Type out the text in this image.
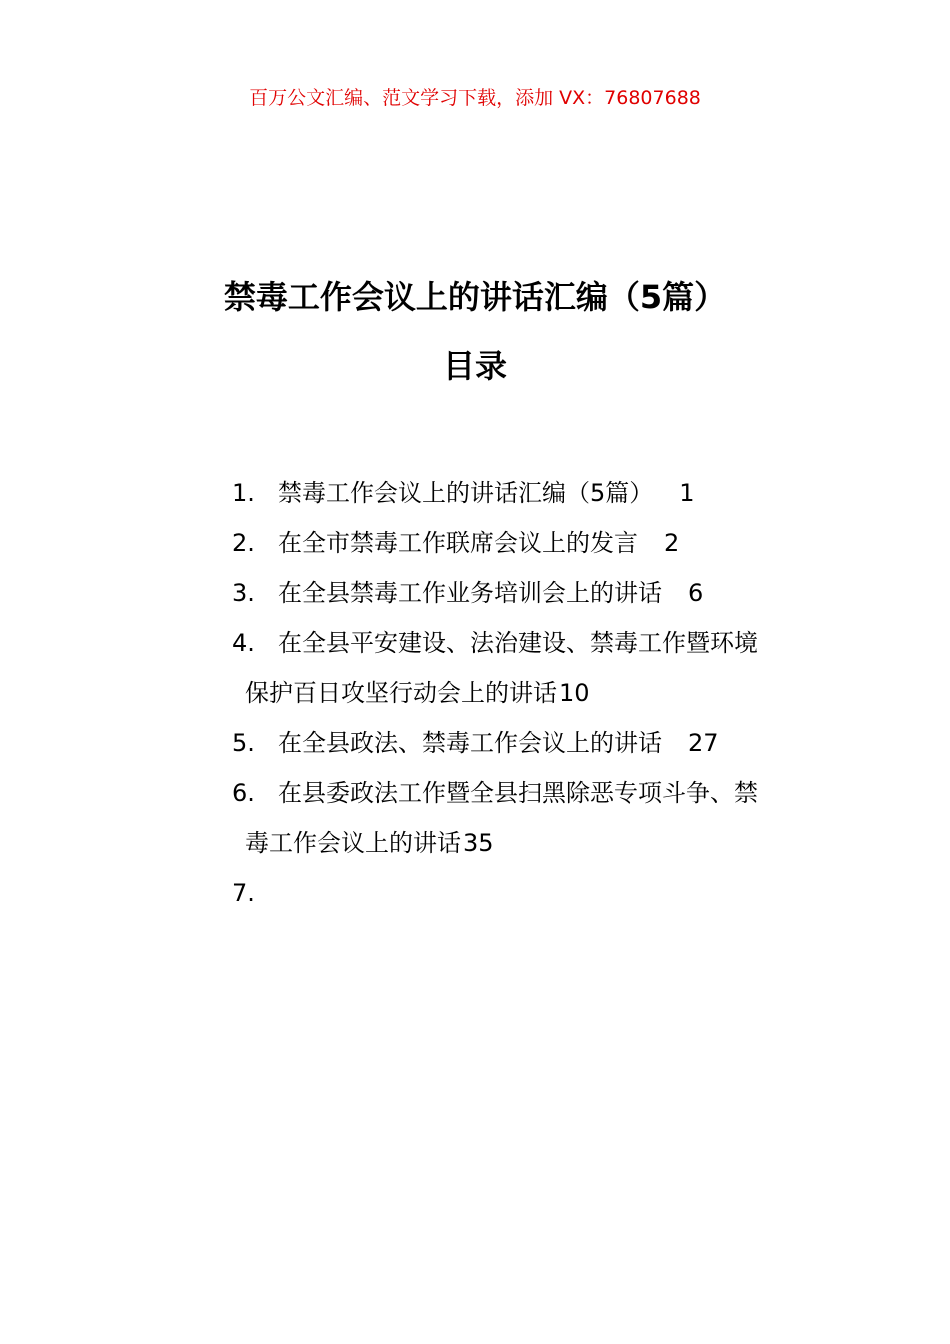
百万公文汇编、范文学习下载，添加 VX：76807688
禁毒工作会议上的讲话汇编（5篇）
目录
1. 禁毒工作会议上的讲话汇编（5篇） 1
2. 在全市禁毒工作联席会议上的发言 2
3. 在全县禁毒工作业务培训会上的讲话 6
4. 在全县平安建设、法治建设、禁毒工作暨环境
保护百日攻坚行动会上的讲话10
5. 在全县政法、禁毒工作会议上的讲话 27
6. 在县委政法工作暨全县扫黑除恶专项斗争、禁
毒工作会议上的讲话35
7.
